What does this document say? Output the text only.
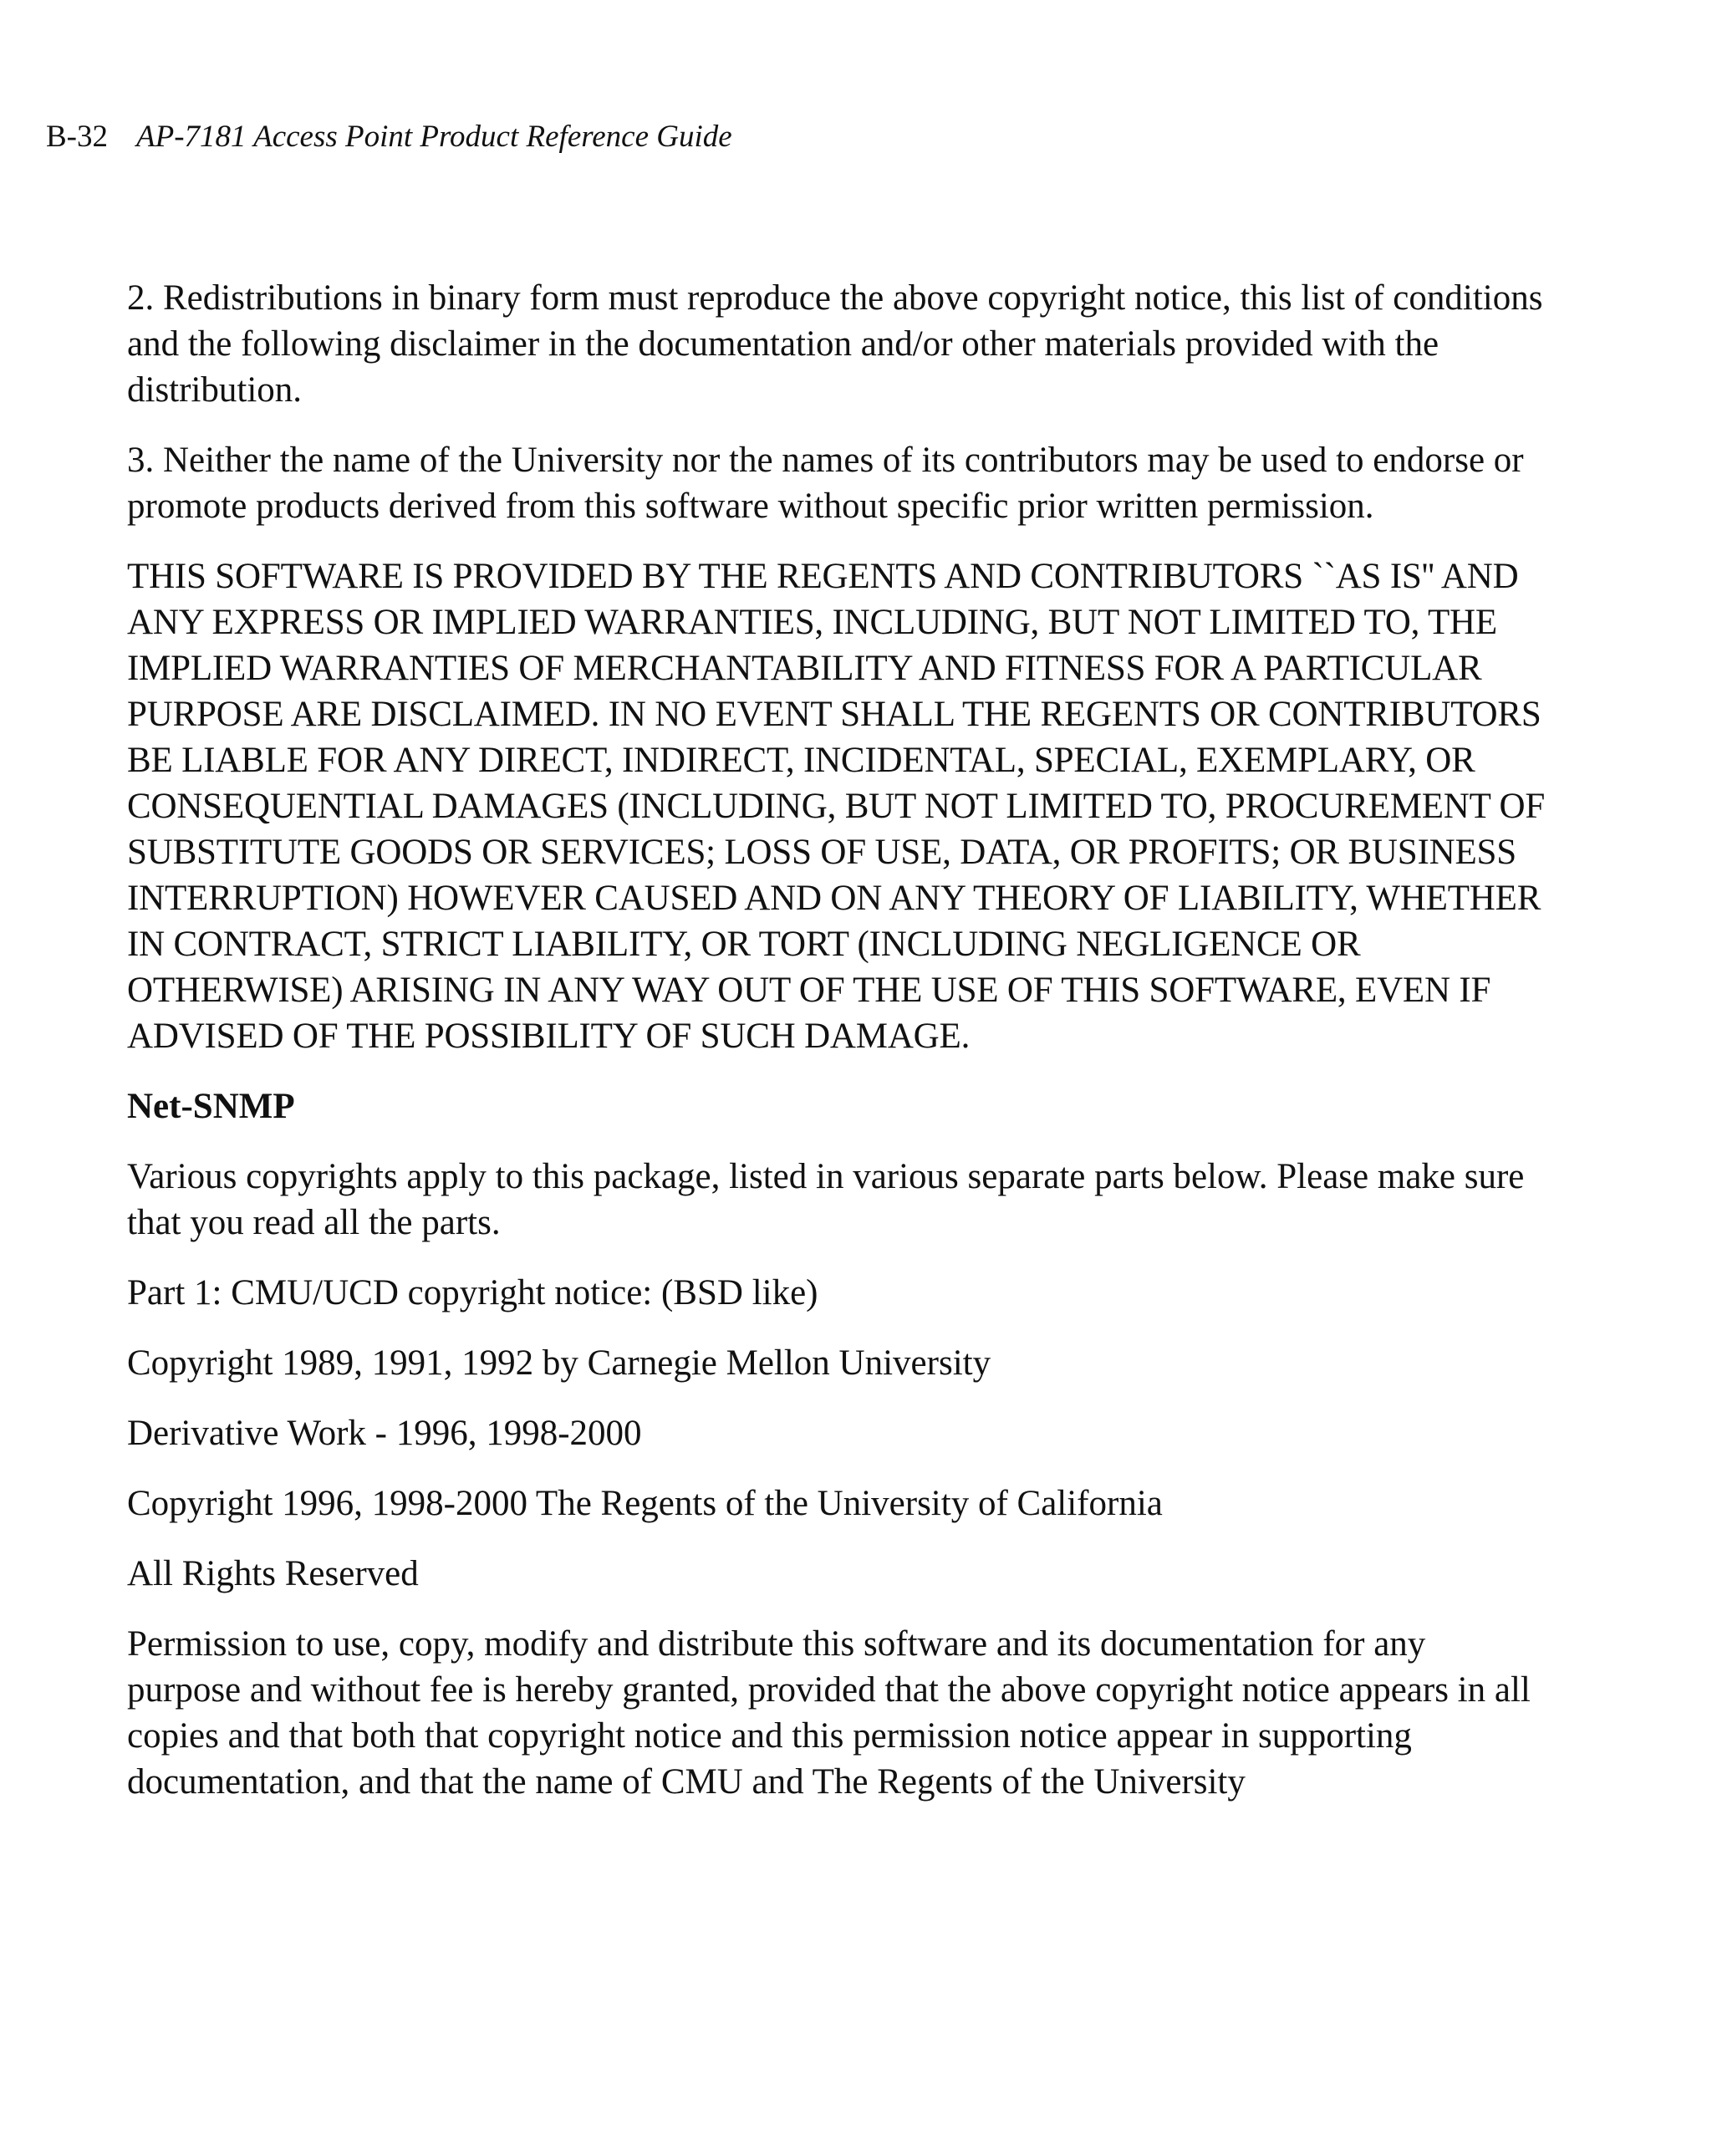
B-32 AP-7181 Access Point Product Reference Guide

2. Redistributions in binary form must reproduce the above copyright notice, this list of conditions and the following disclaimer in the documentation and/or other materials provided with the distribution.

3. Neither the name of the University nor the names of its contributors may be used to endorse or promote products derived from this software without specific prior written permission.

THIS SOFTWARE IS PROVIDED BY THE REGENTS AND CONTRIBUTORS ``AS IS'' AND ANY EXPRESS OR IMPLIED WARRANTIES, INCLUDING, BUT NOT LIMITED TO, THE IMPLIED WARRANTIES OF MERCHANTABILITY AND FITNESS FOR A PARTICULAR PURPOSE ARE DISCLAIMED. IN NO EVENT SHALL THE REGENTS OR CONTRIBUTORS BE LIABLE FOR ANY DIRECT, INDIRECT, INCIDENTAL, SPECIAL, EXEMPLARY, OR CONSEQUENTIAL DAMAGES (INCLUDING, BUT NOT LIMITED TO, PROCUREMENT OF SUBSTITUTE GOODS OR SERVICES; LOSS OF USE, DATA, OR PROFITS; OR BUSINESS INTERRUPTION) HOWEVER CAUSED AND ON ANY THEORY OF LIABILITY, WHETHER IN CONTRACT, STRICT LIABILITY, OR TORT (INCLUDING NEGLIGENCE OR OTHERWISE) ARISING IN ANY WAY OUT OF THE USE OF THIS SOFTWARE, EVEN IF ADVISED OF THE POSSIBILITY OF SUCH DAMAGE.

Net-SNMP

Various copyrights apply to this package, listed in various separate parts below. Please make sure that you read all the parts.

Part 1: CMU/UCD copyright notice: (BSD like)

Copyright 1989, 1991, 1992 by Carnegie Mellon University

Derivative Work - 1996, 1998-2000

Copyright 1996, 1998-2000 The Regents of the University of California

All Rights Reserved

Permission to use, copy, modify and distribute this software and its documentation for any purpose and without fee is hereby granted, provided that the above copyright notice appears in all copies and that both that copyright notice and this permission notice appear in supporting documentation, and that the name of CMU and The Regents of the University
